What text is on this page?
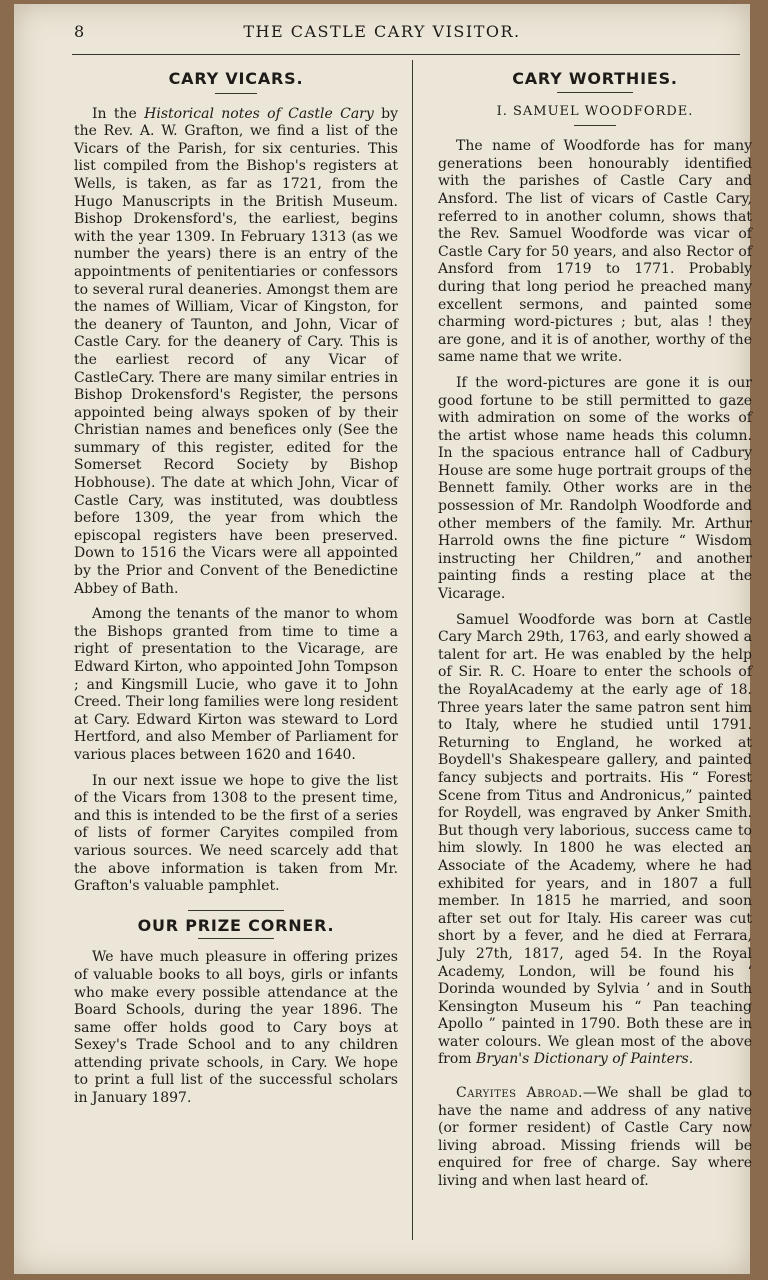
8	THE CASTLE CARY VISITOR.
CARY VICARS.

In the Historical notes of Castle Cary by the Rev. A. W. Grafton, we find a list of the Vicars of the Parish, for six centuries. This list compiled from the Bishop's registers at Wells, is taken, as far as 1721, from the Hugo Manuscripts in the British Museum. Bishop Drokensford's, the earliest, begins with the year 1309. In February 1313 (as we number the years) there is an entry of the appointments of penitentiaries or confessors to several rural deaneries. Amongst them are the names of William, Vicar of Kingston, for the deanery of Taunton, and John, Vicar of Castle Cary. for the deanery of Cary. This is the earliest record of any Vicar of CastleCary. There are many similar entries in Bishop Drokensford's Register, the persons appointed being always spoken of by their Christian names and benefices only (See the summary of this register, edited for the Somerset Record Society by Bishop Hobhouse). The date at which John, Vicar of Castle Cary, was instituted, was doubtless before 1309, the year from which the episcopal registers have been preserved. Down to 1516 the Vicars were all appointed by the Prior and Convent of the Benedictine Abbey of Bath.

Among the tenants of the manor to whom the Bishops granted from time to time a right of presentation to the Vicarage, are Edward Kirton, who appointed John Tompson ; and Kingsmill Lucie, who gave it to John Creed. Their long families were long resident at Cary. Edward Kirton was steward to Lord Hertford, and also Member of Parliament for various places between 1620 and 1640.

In our next issue we hope to give the list of the Vicars from 1308 to the present time, and this is intended to be the first of a series of lists of former Caryites compiled from various sources. We need scarcely add that the above information is taken from Mr. Grafton's valuable pamphlet.

OUR PRIZE CORNER.

We have much pleasure in offering prizes of valuable books to all boys, girls or infants who make every possible attendance at the Board Schools, during the year 1896. The same offer holds good to Cary boys at Sexey's Trade School and to any children attending private schools, in Cary. We hope to print a full list of the successful scholars in January 1897.

CARY WORTHIES.
I. SAMUEL WOODFORDE.

The name of Woodforde has for many generations been honourably identified with the parishes of Castle Cary and Ansford. The list of vicars of Castle Cary, referred to in another column, shows that the Rev. Samuel Woodforde was vicar of Castle Cary for 50 years, and also Rector of Ansford from 1719 to 1771. Probably during that long period he preached many excellent sermons, and painted some charming word-pictures ; but, alas ! they are gone, and it is of another, worthy of the same name that we write.

If the word-pictures are gone it is our good fortune to be still permitted to gaze with admiration on some of the works of the artist whose name heads this column. In the spacious entrance hall of Cadbury House are some huge portrait groups of the Bennett family. Other works are in the possession of Mr. Randolph Woodforde and other members of the family. Mr. Arthur Harrold owns the fine picture “ Wisdom instructing her Children,” and another painting finds a resting place at the Vicarage.

Samuel Woodforde was born at Castle Cary March 29th, 1763, and early showed a talent for art. He was enabled by the help of Sir. R. C. Hoare to enter the schools of the RoyalAcademy at the early age of 18. Three years later the same patron sent him to Italy, where he studied until 1791. Returning to England, he worked at Boydell's Shakespeare gallery, and painted fancy subjects and portraits. His “ Forest Scene from Titus and Andronicus,” painted for Roydell, was engraved by Anker Smith. But though very laborious, success came to him slowly. In 1800 he was elected an Associate of the Academy, where he had exhibited for years, and in 1807 a full member. In 1815 he married, and soon after set out for Italy. His career was cut short by a fever, and he died at Ferrara, July 27th, 1817, aged 54. In the Royal Academy, London, will be found his ‘ Dorinda wounded by Sylvia ’ and in South Kensington Museum his “ Pan teaching Apollo ” painted in 1790. Both these are in water colours. We glean most of the above from Bryan's Dictionary of Painters.

Caryites Abroad.—We shall be glad to have the name and address of any native (or former resident) of Castle Cary now living abroad. Missing friends will be enquired for free of charge. Say where living and when last heard of.
